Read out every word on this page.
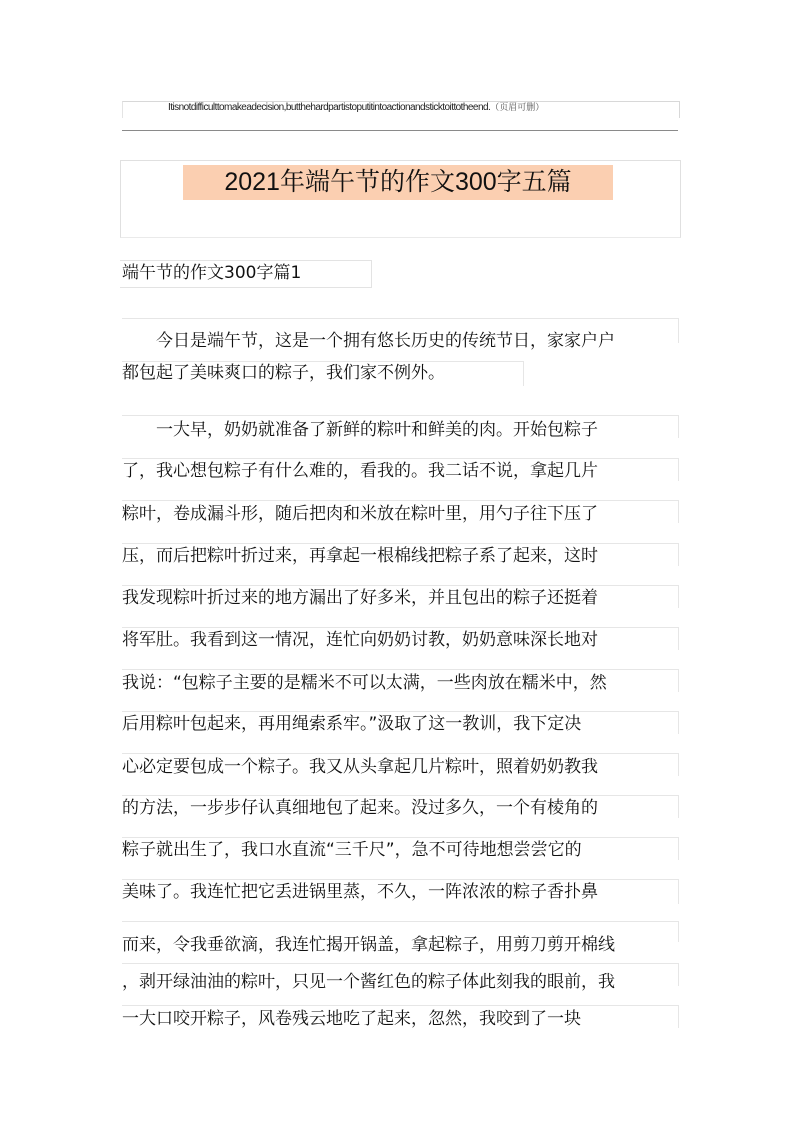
Itisnotdifficulttomakeadecision,butthehardpartistoputitintoactionandsticktoittotheend.（页眉可删）
2021年端午节的作文300字五篇
端午节的作文300字篇1
　　今日是端午节，这是一个拥有悠长历史的传统节日，家家户户
都包起了美味爽口的粽子，我们家不例外。
　　一大早，奶奶就准备了新鲜的粽叶和鲜美的肉。开始包粽子
了，我心想包粽子有什么难的，看我的。我二话不说，拿起几片
粽叶，卷成漏斗形，随后把肉和米放在粽叶里，用勺子往下压了
压，而后把粽叶折过来，再拿起一根棉线把粽子系了起来，这时
我发现粽叶折过来的地方漏出了好多米，并且包出的粽子还挺着
将军肚。我看到这一情况，连忙向奶奶讨教，奶奶意味深长地对
我说：“包粽子主要的是糯米不可以太满，一些肉放在糯米中，然
后用粽叶包起来，再用绳索系牢。”汲取了这一教训，我下定决
心必定要包成一个粽子。我又从头拿起几片粽叶，照着奶奶教我
的方法，一步步仔认真细地包了起来。没过多久，一个有棱角的
粽子就出生了，我口水直流“三千尺”，急不可待地想尝尝它的
美味了。我连忙把它丢进锅里蒸，不久，一阵浓浓的粽子香扑鼻
而来，令我垂欲滴，我连忙揭开锅盖，拿起粽子，用剪刀剪开棉线
，剥开绿油油的粽叶，只见一个酱红色的粽子体此刻我的眼前，我
一大口咬开粽子，风卷残云地吃了起来，忽然，我咬到了一块
